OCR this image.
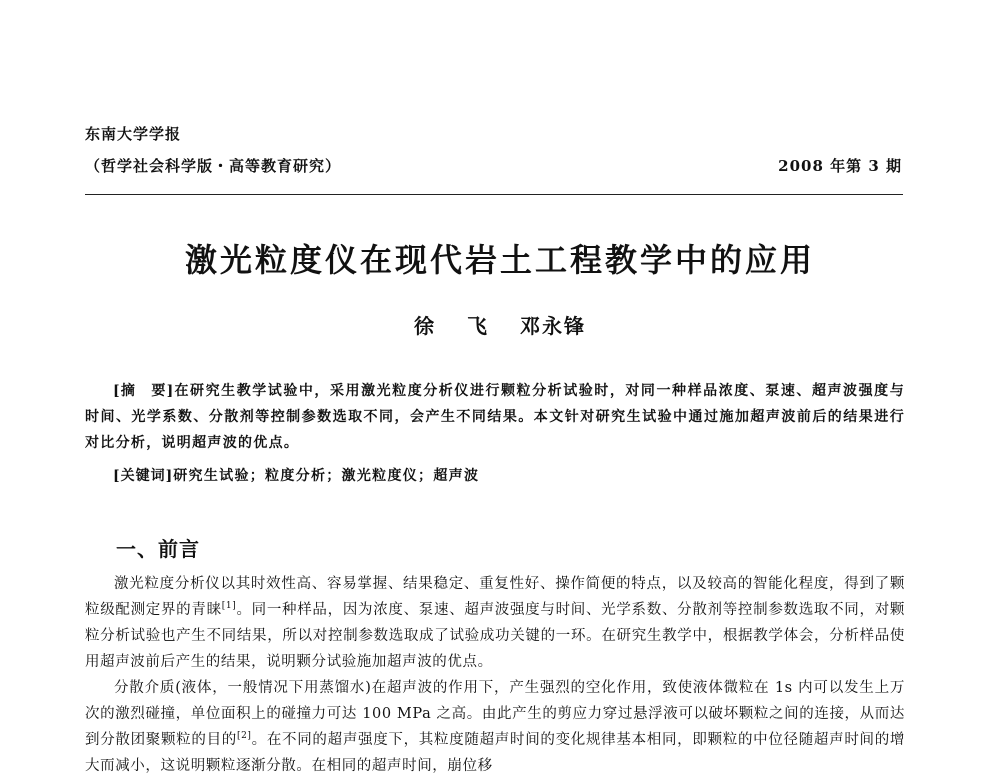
东南大学学报
（哲学社会科学版・高等教育研究）	2008 年第 3 期
激光粒度仪在现代岩土工程教学中的应用
徐 飞 邓永锋
[摘　要]在研究生教学试验中，采用激光粒度分析仪进行颗粒分析试验时，对同一种样品浓度、泵速、超声波强度与时间、光学系数、分散剂等控制参数选取不同，会产生不同结果。本文针对研究生试验中通过施加超声波前后的结果进行对比分析，说明超声波的优点。
[关键词]研究生试验；粒度分析；激光粒度仪；超声波
一、前言
激光粒度分析仪以其时效性高、容易掌握、结果稳定、重复性好、操作简便的特点，以及较高的智能化程度，得到了颗粒级配测定界的青睐[1]。同一种样品，因为浓度、泵速、超声波强度与时间、光学系数、分散剂等控制参数选取不同，对颗粒分析试验也产生不同结果，所以对控制参数选取成了试验成功关键的一环。在研究生教学中，根据教学体会，分析样品使用超声波前后产生的结果，说明颗分试验施加超声波的优点。
分散介质(液体，一般情况下用蒸馏水)在超声波的作用下，产生强烈的空化作用，致使液体微粒在 1s 内可以发生上万次的激烈碰撞，单位面积上的碰撞力可达 100 MPa 之高。由此产生的剪应力穿过悬浮液可以破坏颗粒之间的连接，从而达到分散团聚颗粒的目的[2]。在不同的超声强度下，其粒度随超声时间的变化规律基本相同，即颗粒的中位径随超声时间的增大而减小，这说明颗粒逐渐分散。在相同的超声时间，崩位移
